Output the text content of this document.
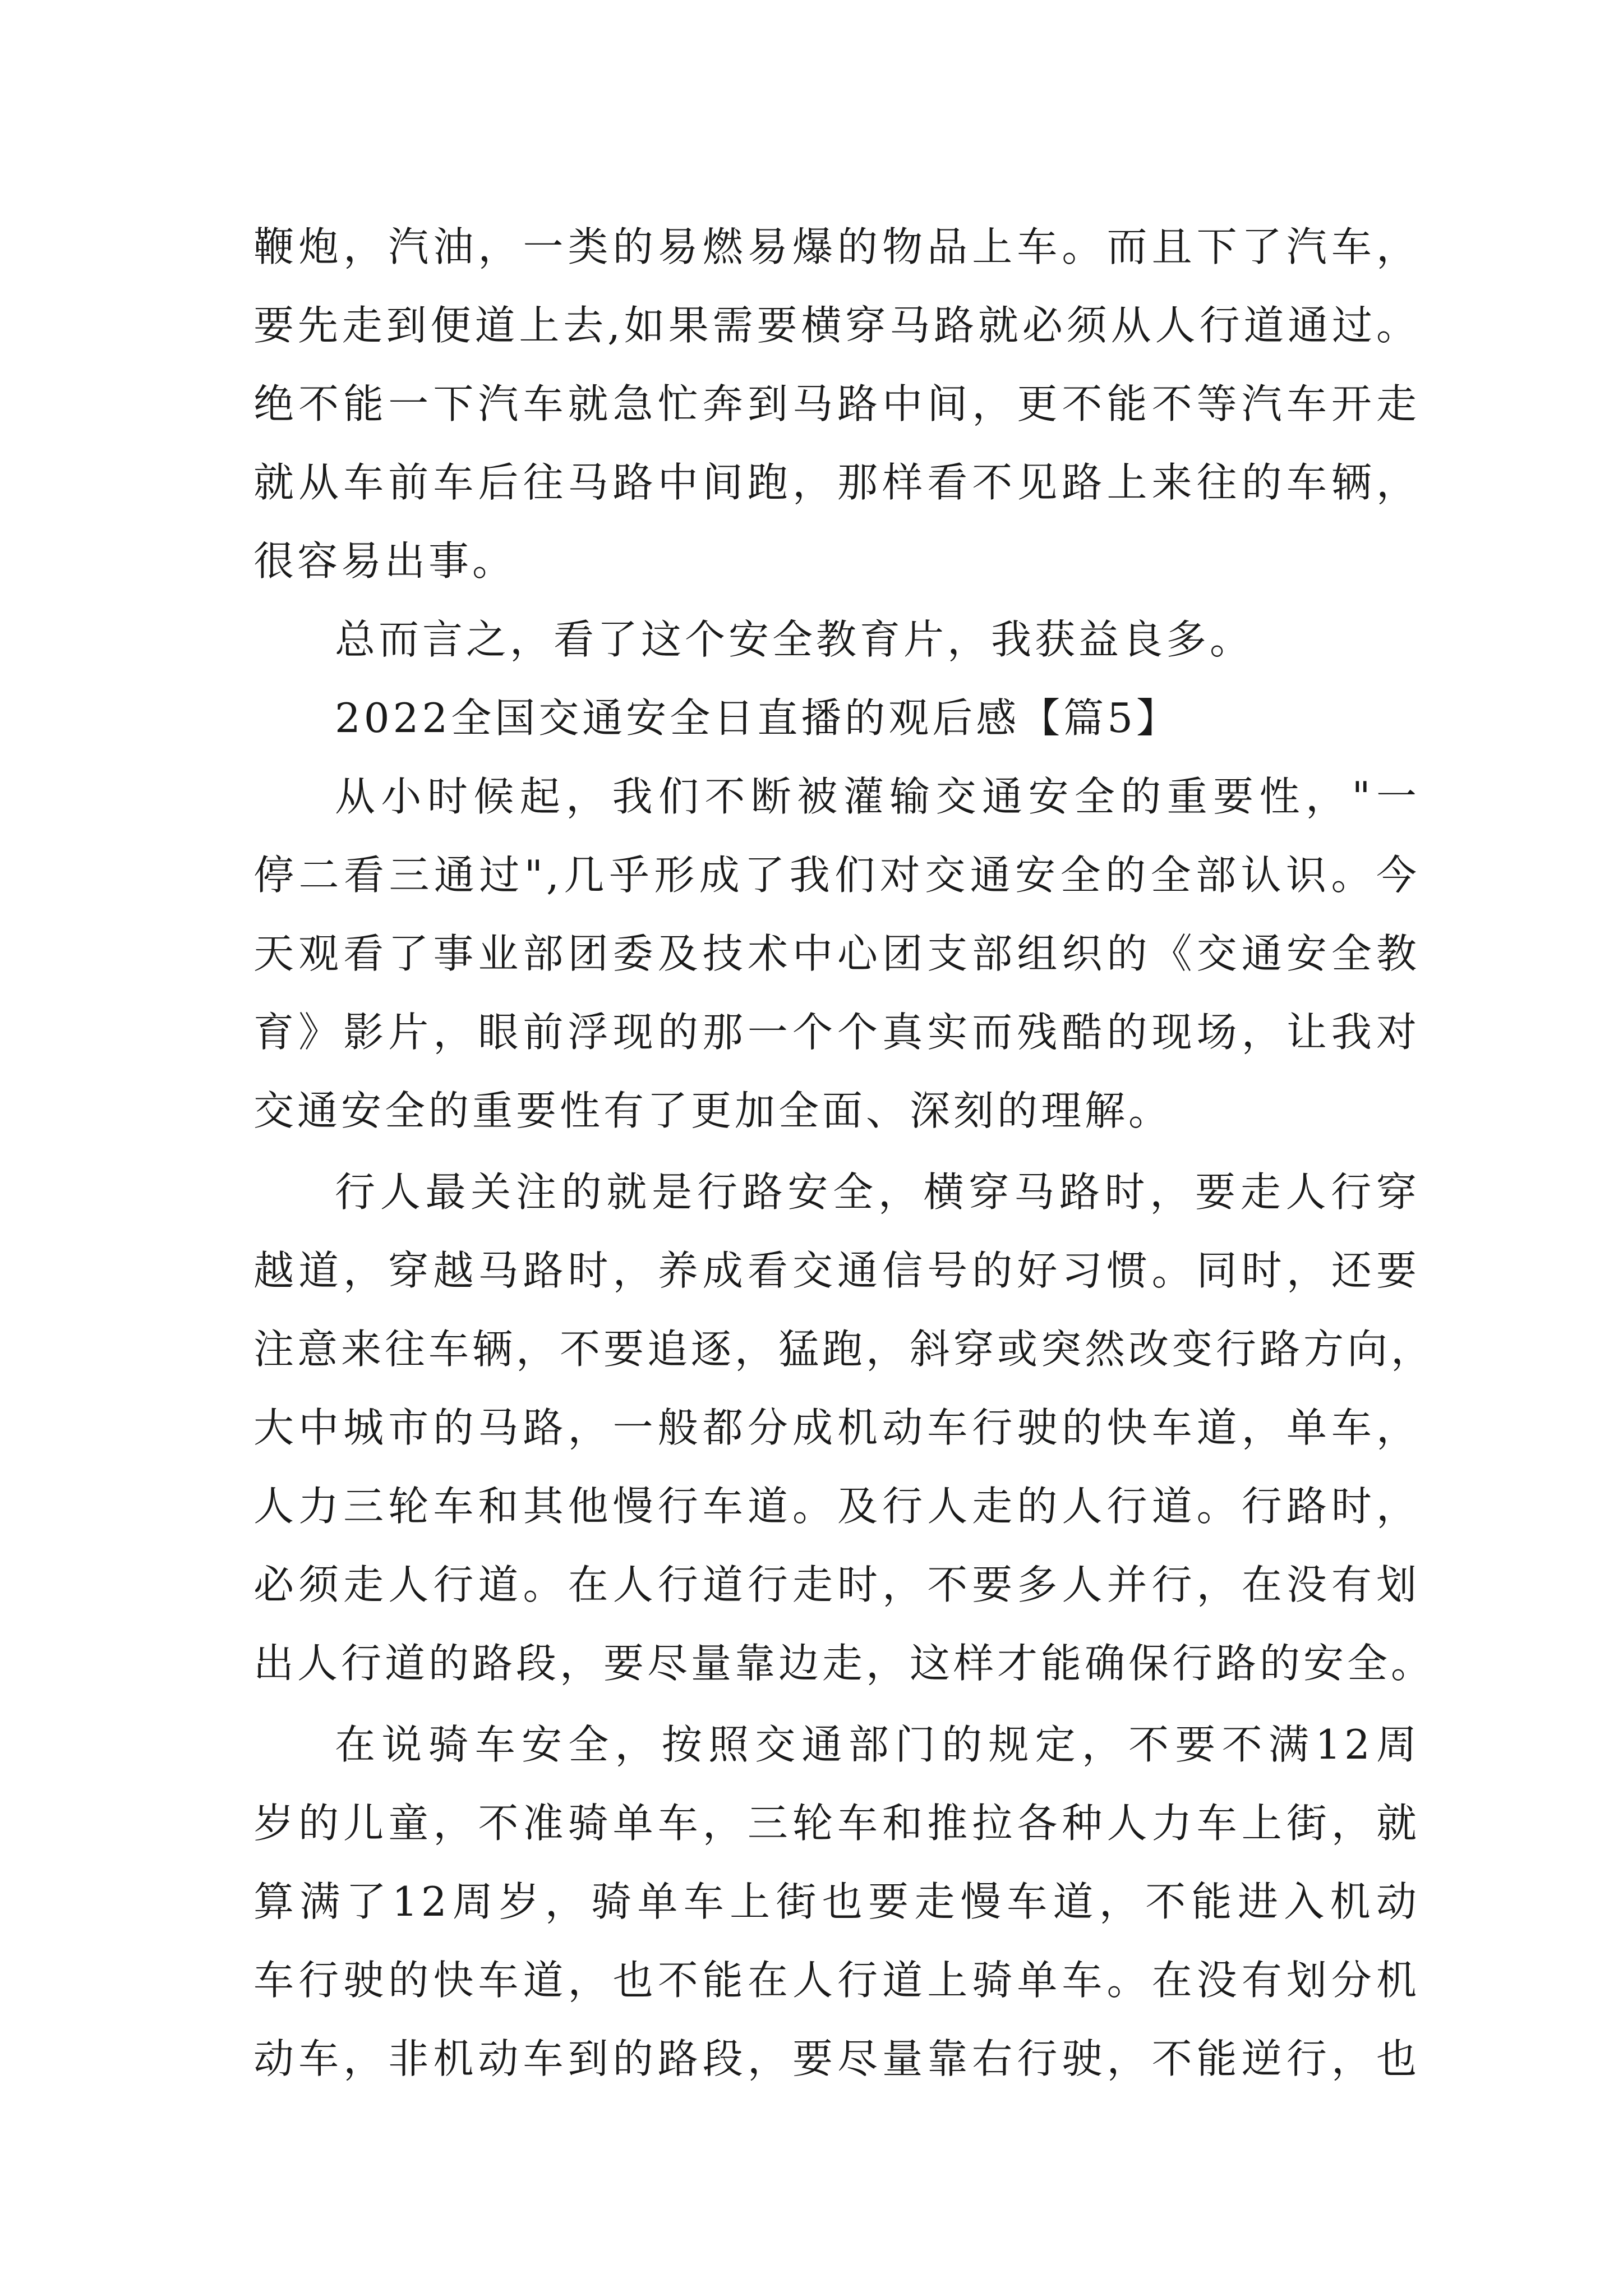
鞭炮，汽油，一类的易燃易爆的物品上车。而且下了汽车，
要先走到便道上去,如果需要横穿马路就必须从人行道通过。
绝不能一下汽车就急忙奔到马路中间，更不能不等汽车开走
就从车前车后往马路中间跑，那样看不见路上来往的车辆，
很容易出事。
总而言之，看了这个安全教育片，我获益良多。
2022全国交通安全日直播的观后感【篇5】
从小时候起，我们不断被灌输交通安全的重要性，"一
停二看三通过",几乎形成了我们对交通安全的全部认识。今
天观看了事业部团委及技术中心团支部组织的《交通安全教
育》影片，眼前浮现的那一个个真实而残酷的现场，让我对
交通安全的重要性有了更加全面、深刻的理解。
行人最关注的就是行路安全，横穿马路时，要走人行穿
越道，穿越马路时，养成看交通信号的好习惯。同时，还要
注意来往车辆，不要追逐，猛跑，斜穿或突然改变行路方向，
大中城市的马路，一般都分成机动车行驶的快车道，单车，
人力三轮车和其他慢行车道。及行人走的人行道。行路时，
必须走人行道。在人行道行走时，不要多人并行，在没有划
出人行道的路段，要尽量靠边走，这样才能确保行路的安全。
在说骑车安全，按照交通部门的规定，不要不满12周
岁的儿童，不准骑单车，三轮车和推拉各种人力车上街，就
算满了12周岁，骑单车上街也要走慢车道，不能进入机动
车行驶的快车道，也不能在人行道上骑单车。在没有划分机
动车，非机动车到的路段，要尽量靠右行驶，不能逆行，也
